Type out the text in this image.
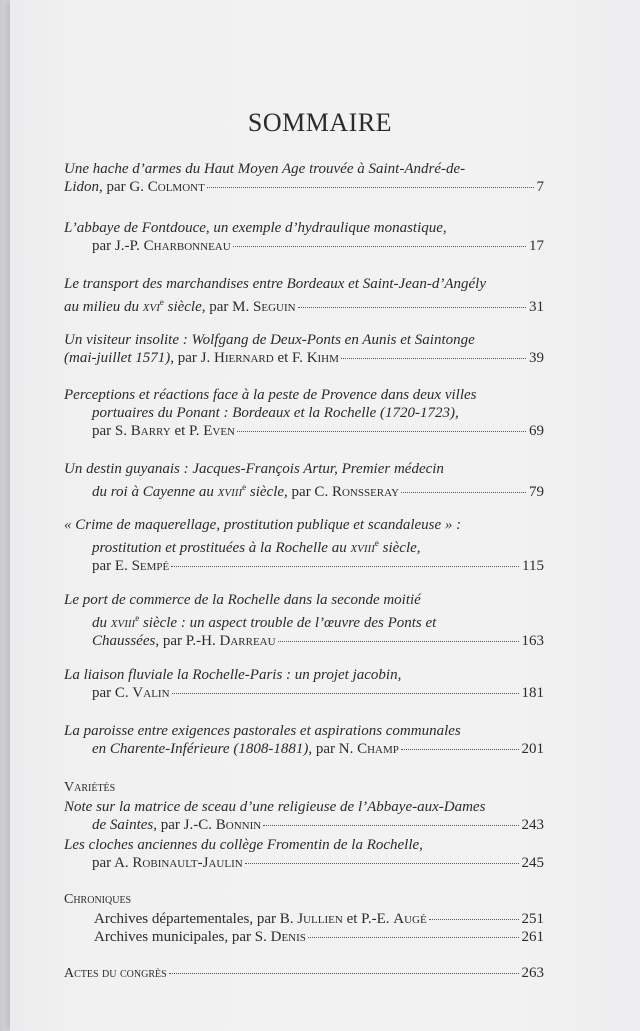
SOMMAIRE
Une hache d’armes du Haut Moyen Age trouvée à Saint-André-de-
Lidon, par G. Colmont	7
L’abbaye de Fontdouce, un exemple d’hydraulique monastique,
par J.-P. Charbonneau	17
Le transport des marchandises entre Bordeaux et Saint-Jean-d’Angély
au milieu du xvi$^e$ siècle, par M. Seguin	31
Un visiteur insolite : Wolfgang de Deux-Ponts en Aunis et Saintonge
(mai-juillet 1571), par J. Hiernard et F. Kihm	39
Perceptions et réactions face à la peste de Provence dans deux villes
portuaires du Ponant : Bordeaux et la Rochelle (1720-1723),
par S. Barry et P. Even	69
Un destin guyanais : Jacques-François Artur, Premier médecin
du roi à Cayenne au xviii$^e$ siècle, par C. Ronsseray	79
« Crime de maquerellage, prostitution publique et scandaleuse » :
prostitution et prostituées à la Rochelle au xviii$^e$ siècle,
par E. Sempé	115
Le port de commerce de la Rochelle dans la seconde moitié
du xviii$^e$ siècle : un aspect trouble de l’œuvre des Ponts et
Chaussées, par P.-H. Darreau	163
La liaison fluviale la Rochelle-Paris : un projet jacobin,
par C. Valin	181
La paroisse entre exigences pastorales et aspirations communales
en Charente-Inférieure (1808-1881), par N. Champ	201
Variétés
Note sur la matrice de sceau d’une religieuse de l’Abbaye-aux-Dames
de Saintes, par J.-C. Bonnin	243
Les cloches anciennes du collège Fromentin de la Rochelle,
par A. Robinault-Jaulin	245
Chroniques
Archives départementales, par B. Jullien et P.-E. Augé	251
Archives municipales, par S. Denis	261
Actes du congrès	263
